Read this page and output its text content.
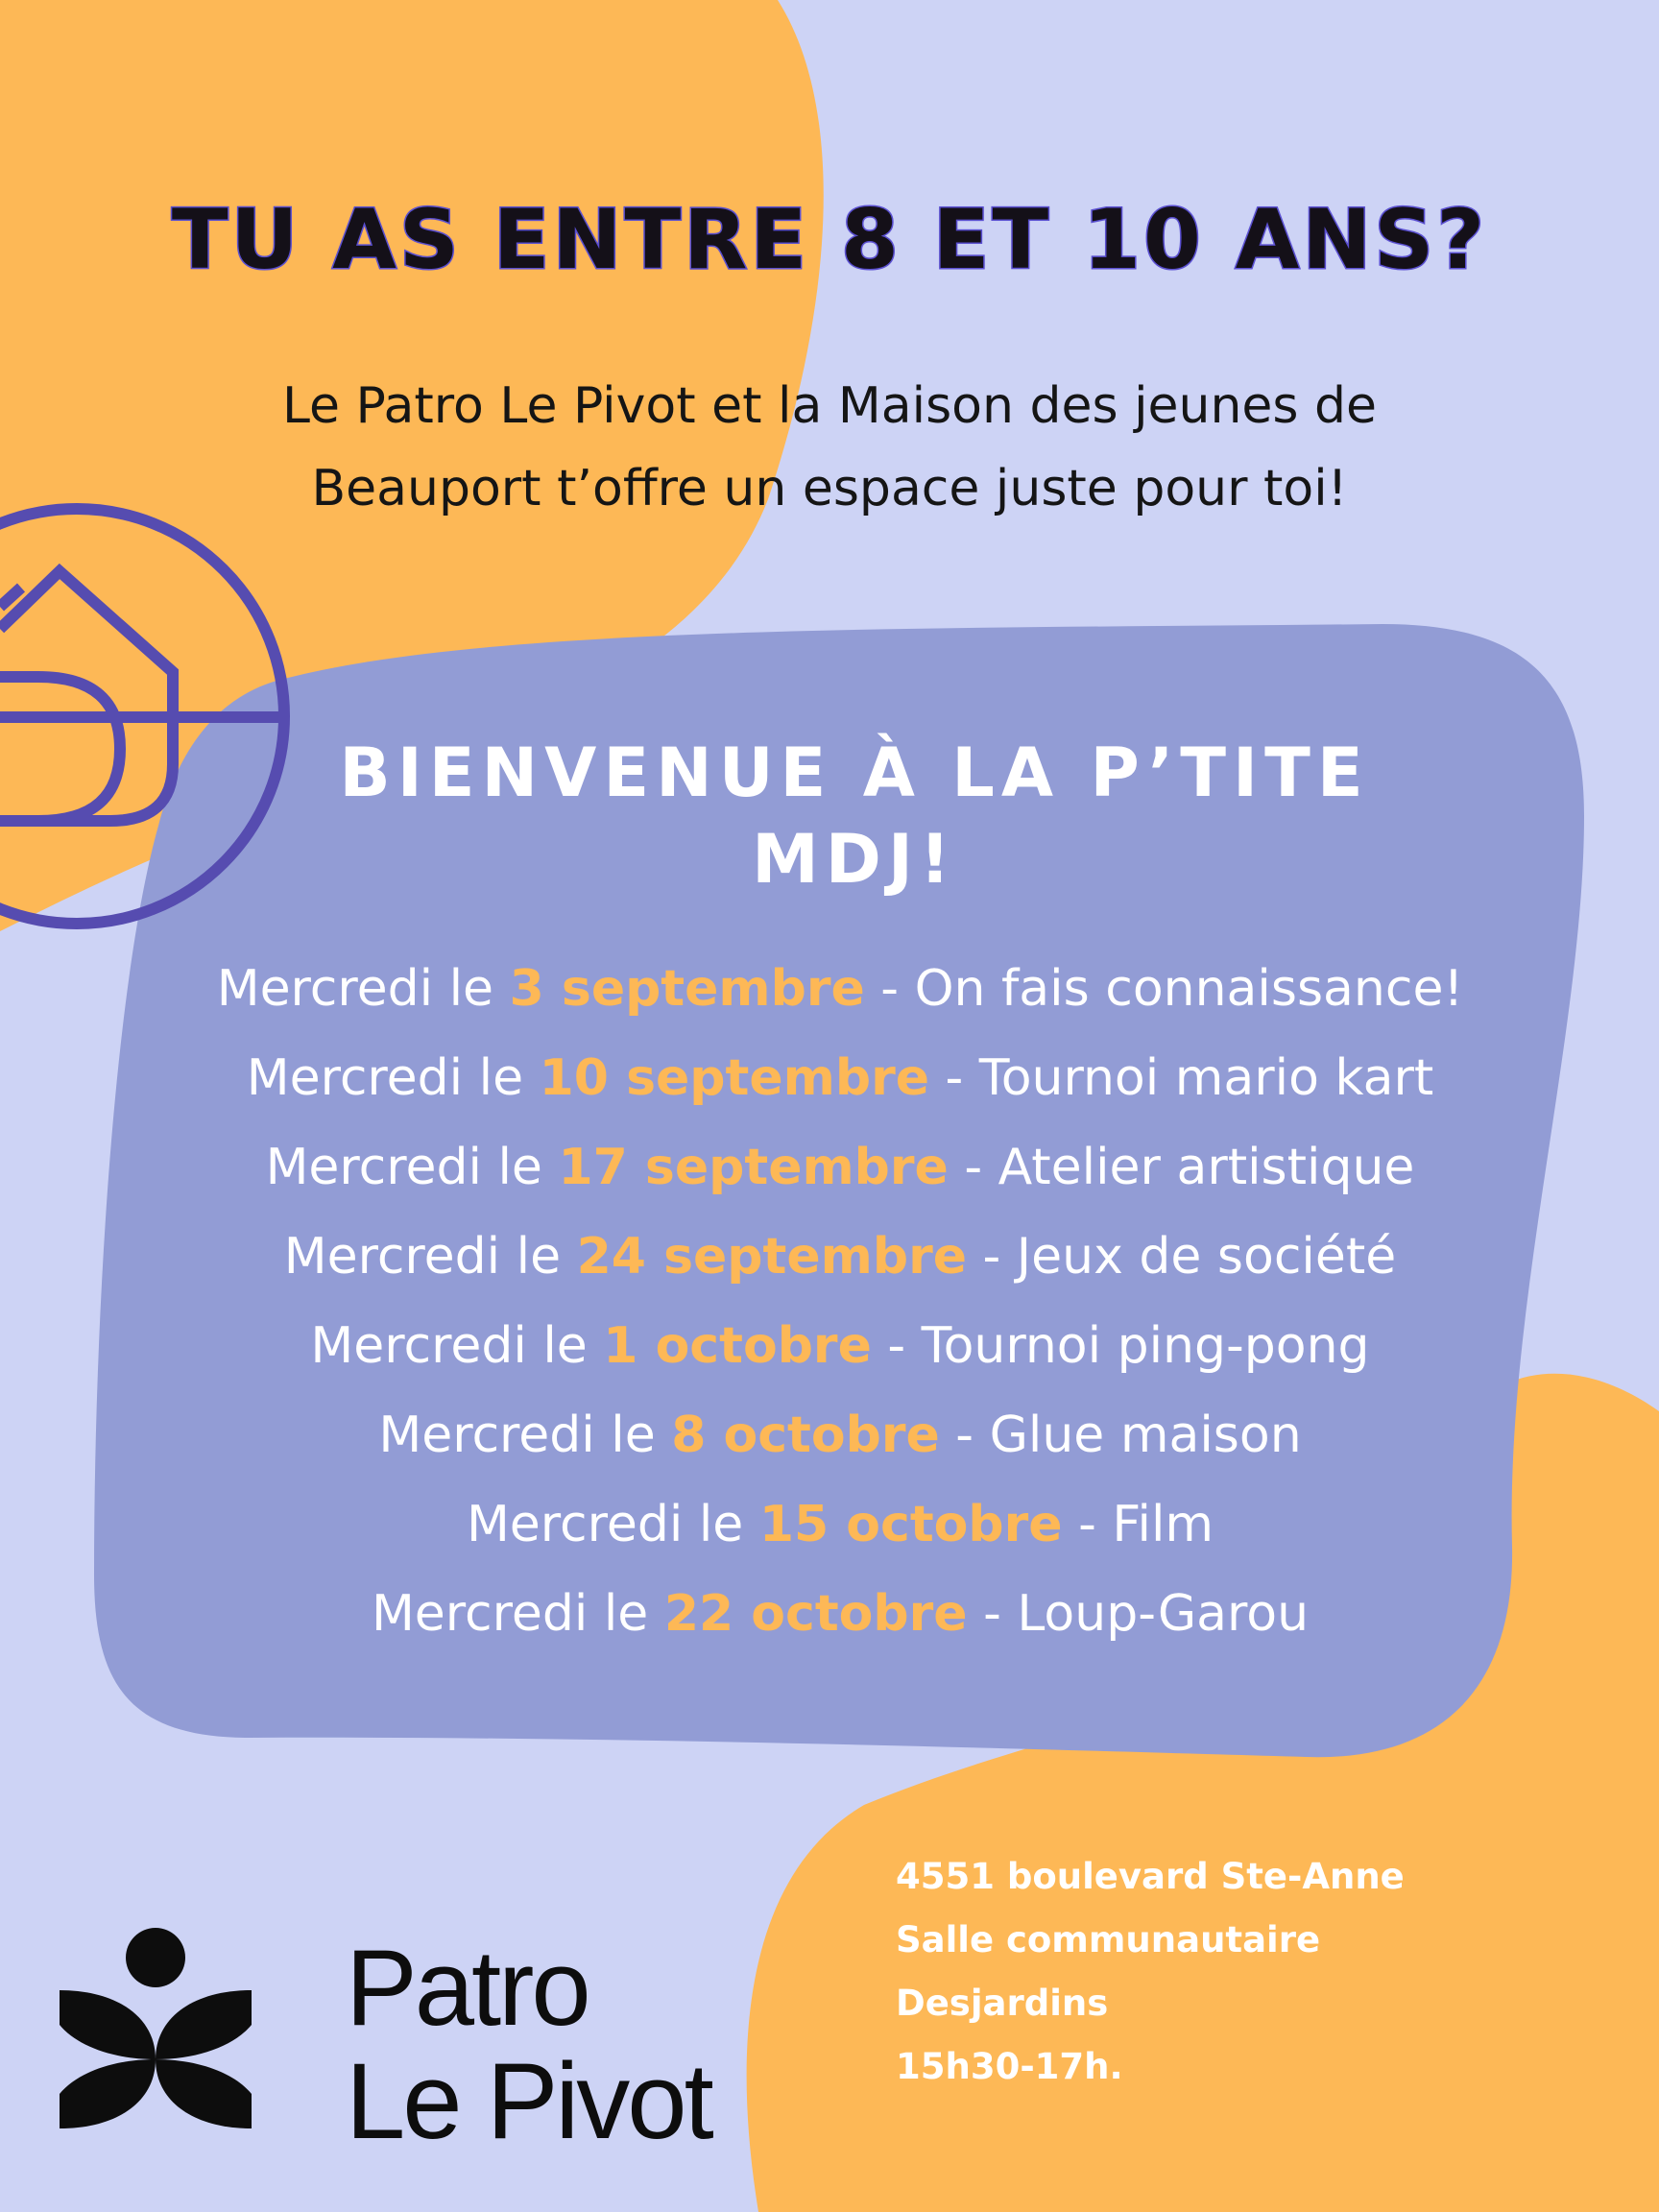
TU AS ENTRE 8 ET 10 ANS?
Le Patro Le Pivot et la Maison des jeunes de
Beauport t’offre un espace juste pour toi!
BIENVENUE À LA P’TITE
MDJ!
Mercredi le 3 septembre - On fais connaissance!
Mercredi le 10 septembre - Tournoi mario kart
Mercredi le 17 septembre - Atelier artistique
Mercredi le 24 septembre - Jeux de société
Mercredi le 1 octobre - Tournoi ping-pong
Mercredi le 8 octobre - Glue maison
Mercredi le 15 octobre - Film
Mercredi le 22 octobre - Loup-Garou
4551 boulevard Ste-Anne
Salle communautaire
Desjardins
15h30-17h.
Patro
Le Pivot
